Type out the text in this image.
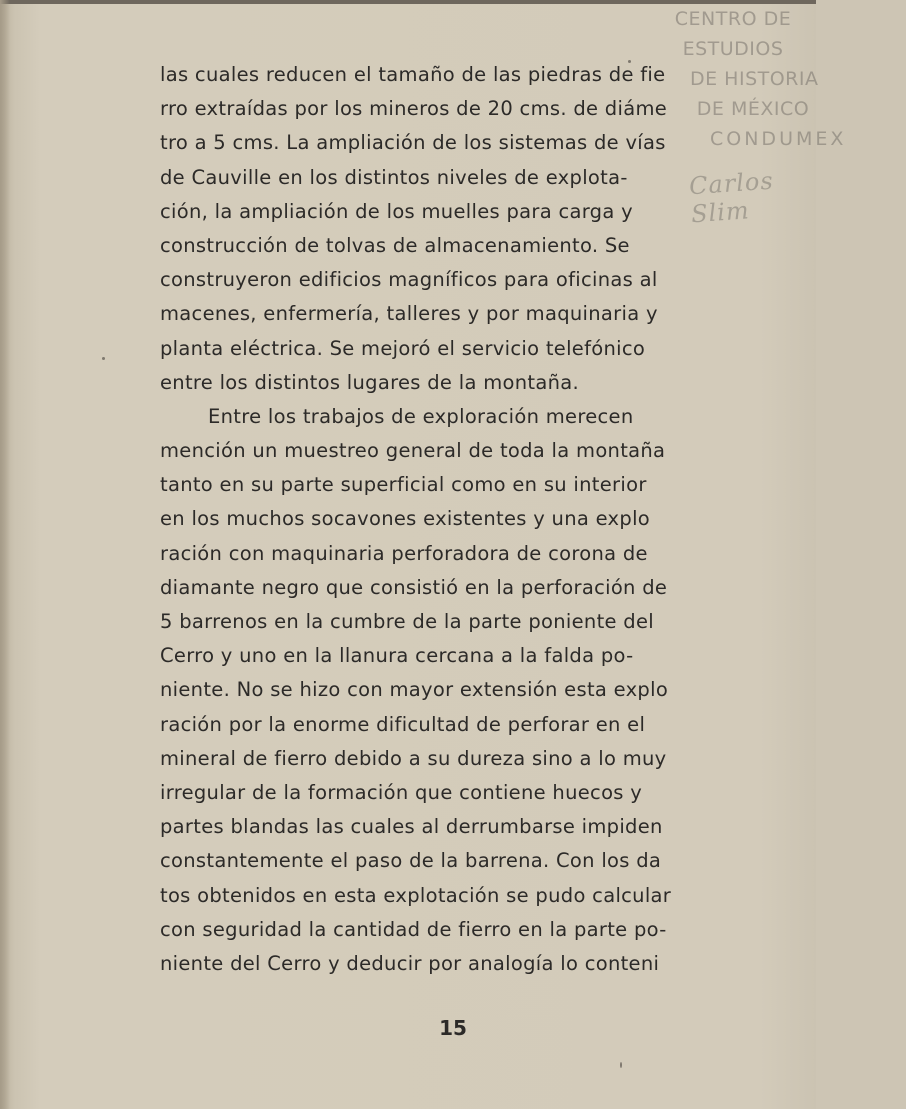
CENTRO DE
ESTUDIOS
DE HISTORIA
DE MÉXICO
CONDUMEX
Carlos Slim
las cuales reducen el tamaño de las piedras de fie
rro extraídas por los mineros de 20 cms. de diáme
tro a 5 cms. La ampliación de los sistemas de vías
de Cauville en los distintos niveles de explota-
ción, la ampliación de los muelles para carga y
construcción de tolvas de almacenamiento. Se
construyeron edificios magníficos para oficinas al
macenes, enfermería, talleres y por maquinaria y
planta eléctrica. Se mejoró el servicio telefónico
entre los distintos lugares de la montaña.
Entre los trabajos de exploración merecen
mención un muestreo general de toda la montaña
tanto en su parte superficial como en su interior
en los muchos socavones existentes y una explo
ración con maquinaria perforadora de corona de
diamante negro que consistió en la perforación de
5 barrenos en la cumbre de la parte poniente del
Cerro y uno en la llanura cercana a la falda po-
niente. No se hizo con mayor extensión esta explo
ración por la enorme dificultad de perforar en el
mineral de fierro debido a su dureza sino a lo muy
irregular de la formación que contiene huecos y
partes blandas las cuales al derrumbarse impiden
constantemente el paso de la barrena. Con los da
tos obtenidos en esta explotación se pudo calcular
con seguridad la cantidad de fierro en la parte po-
niente del Cerro y deducir por analogía lo conteni
15
